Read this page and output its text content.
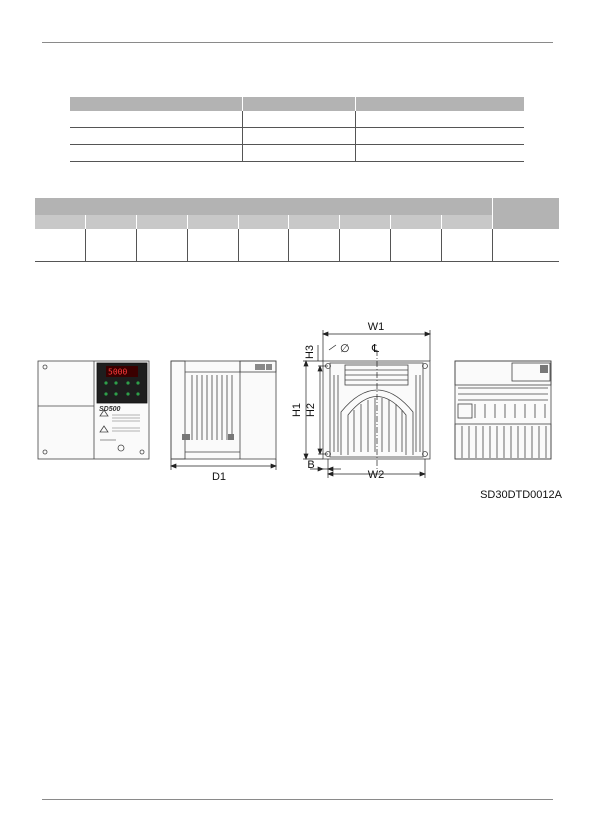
5000
SD500
D1
W1
W2
H1 H2
H3 ∅ ℄
B
SD30DTD0012A
